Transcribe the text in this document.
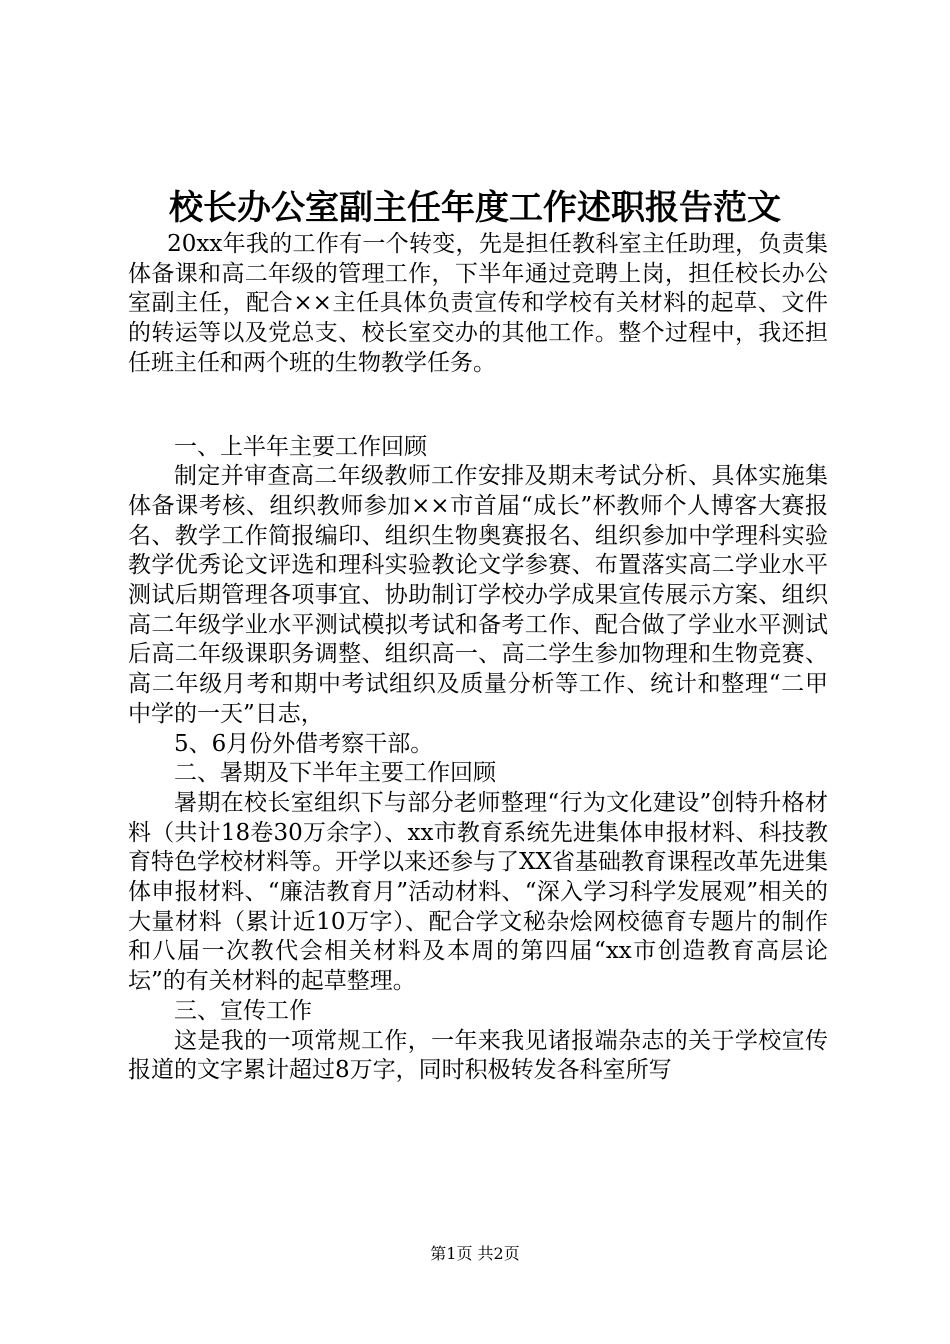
校长办公室副主任年度工作述职报告范文

20xx年我的工作有一个转变，先是担任教科室主任助理，负责集体备课和高二年级的管理工作，下半年通过竞聘上岗，担任校长办公室副主任，配合××主任具体负责宣传和学校有关材料的起草、文件的转运等以及党总支、校长室交办的其他工作。整个过程中，我还担任班主任和两个班的生物教学任务。

一、上半年主要工作回顾

制定并审查高二年级教师工作安排及期末考试分析、具体实施集体备课考核、组织教师参加××市首届“成长”杯教师个人博客大赛报名、教学工作简报编印、组织生物奥赛报名、组织参加中学理科实验教学优秀论文评选和理科实验教论文学参赛、布置落实高二学业水平测试后期管理各项事宜、协助制订学校办学成果宣传展示方案、组织高二年级学业水平测试模拟考试和备考工作、配合做了学业水平测试后高二年级课职务调整、组织高一、高二学生参加物理和生物竞赛、高二年级月考和期中考试组织及质量分析等工作、统计和整理“二甲中学的一天”日志，

5、6月份外借考察干部。

二、暑期及下半年主要工作回顾

暑期在校长室组织下与部分老师整理“行为文化建设”创特升格材料（共计18卷30万余字）、xx市教育系统先进集体申报材料、科技教育特色学校材料等。开学以来还参与了XX省基础教育课程改革先进集体申报材料、“廉洁教育月”活动材料、“深入学习科学发展观”相关的大量材料（累计近10万字）、配合学文秘杂烩网校德育专题片的制作和八届一次教代会相关材料及本周的第四届“xx市创造教育高层论坛”的有关材料的起草整理。

三、宣传工作

这是我的一项常规工作，一年来我见诸报端杂志的关于学校宣传报道的文字累计超过8万字，同时积极转发各科室所写

第1页 共2页
